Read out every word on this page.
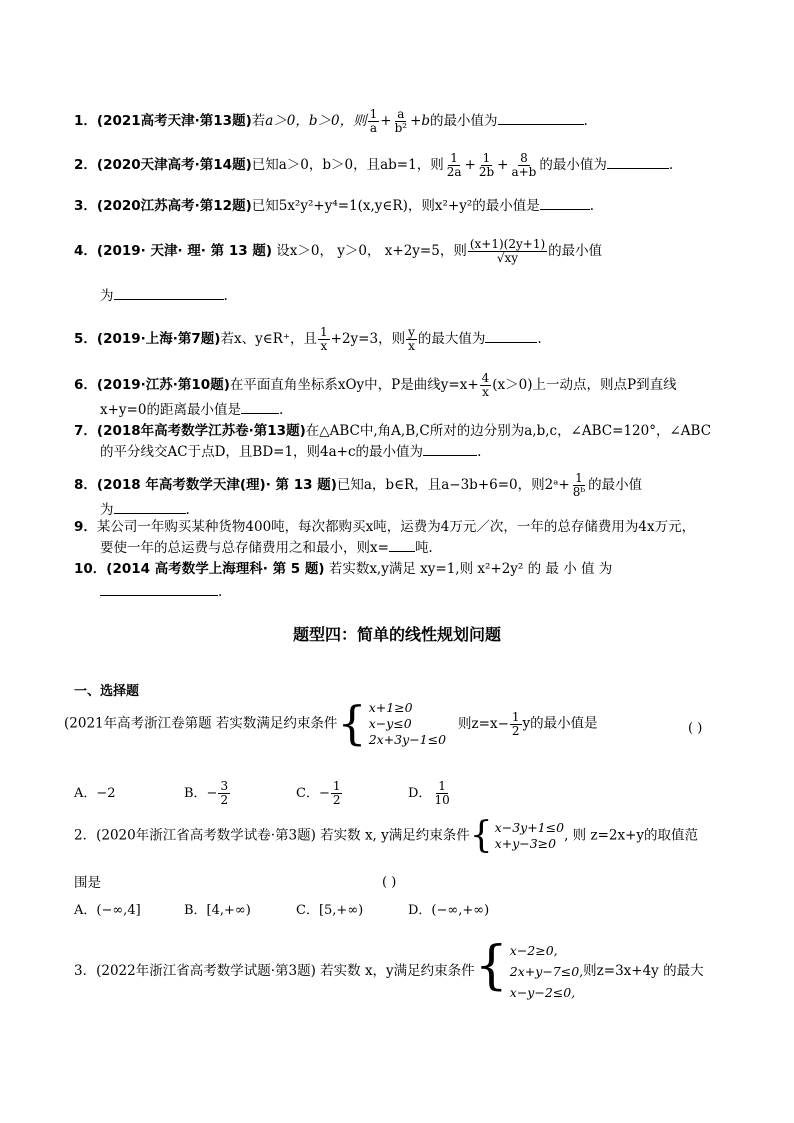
1．(2021高考天津·第13题)若a＞0，b＞0，则 $\frac{1}{a} + \frac{a}{\text{b²}} +b$的最小值为	.
2．(2020天津高考·第14题)已知a＞0，b＞0，且ab=1，则 $\frac{1}{2a} + \frac{1}{2b} + \frac{8}{a+b}$ 的最小值为	.
3．(2020江苏高考·第12题)已知5x²y²+y⁴=1(x,y∈R)，则x²+y²的最小值是	.
4．(2019· 天津· 理· 第 13 题) 设x＞0， y＞0， x+2y=5，则 $\frac{(x+1)(2y+1)}{√xy}$ 的最小值
为	.
5．(2019·上海·第7题)若x、y∈R⁺，且 $\frac{1}{x} +2y=3$，则 $\frac{y}{x}$ 的最大值为	.
6．(2019·江苏·第10题)在平面直角坐标系xOy中，P是曲线$y=x+ \frac{4}{x} (x>0)$上一动点，则点P到直线
x+y=0的距离最小值是	.
7．(2018年高考数学江苏卷·第13题)在△ABC中,角A,B,C所对的边分别为a,b,c，∠ABC=120°，∠ABC
的平分线交AC于点D，且BD=1，则4a+c的最小值为	.
8．(2018 年高考数学天津(理)· 第 13 题)已知a，b∈R，且a−3b+6=0，则2ᵃ+ $\frac{1}{\text{8ᵇ}}$ 的最小值
为	.
9．某公司一年购买某种货物400吨，每次都购买x吨，运费为4万元／次，一年的总存储费用为4x万元，
要使一年的总运费与总存储费用之和最小，则x= 吨.
10．(2014 高考数学上海理科· 第 5 题) 若实数x,y满足 xy=1,则 x²+2y² 的 最 小 值 为
.
题型四：简单的线性规划问题
一、选择题
(2021年高考浙江卷第题 若实数满足约束条件 { x+1≥0
x−y≤0
2x+3y−1≤0
则$z=x- \frac{1}{2}$ y的最小值是	( )
A．−2	B．− $\frac{3}{2}$	C．− $\frac{1}{2}$	D． $\frac{1}{10}$
2．(2020年浙江省高考数学试卷·第3题) 若实数 x, y满足约束条件 { x−3y+1≤0
x+y−3≥0 , 则 z=2x+y的取值范
围是	( )
A．(−∞,4]	B．[4,+∞)	C．[5,+∞)	D．(−∞,+∞)
3．(2022年浙江省高考数学试题·第3题) 若实数 x，y满足约束条件 { x−2≥0,
2x+y−7≤0,
x−y−2≤0,
则z=3x+4y 的最大
